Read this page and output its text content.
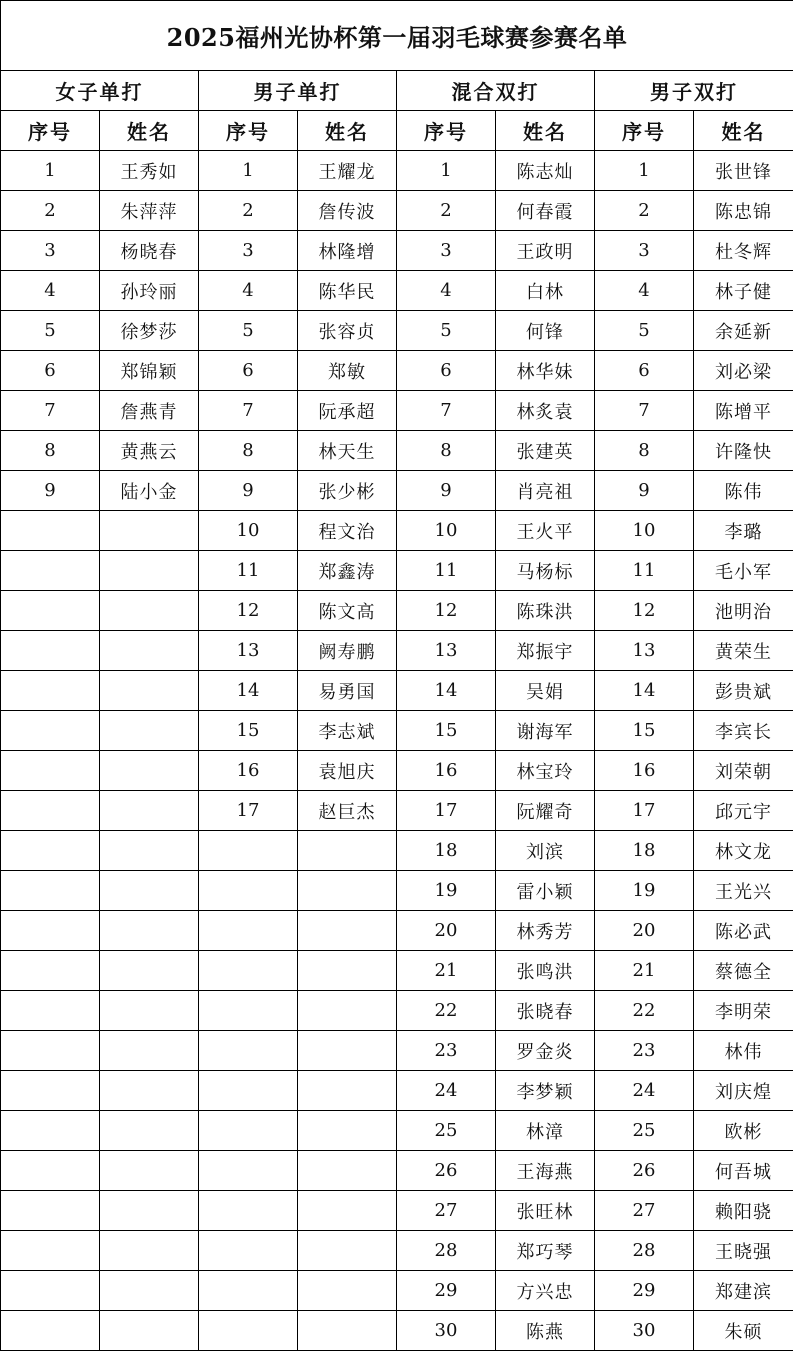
2025福州光协杯第一届羽毛球赛参赛名单							
女子单打		男子单打		混合双打		男子双打	
序号	姓名	序号	姓名	序号	姓名	序号	姓名
1	王秀如	1	王耀龙	1	陈志灿	1	张世锋
2	朱萍萍	2	詹传波	2	何春霞	2	陈忠锦
3	杨晓春	3	林隆增	3	王政明	3	杜冬辉
4	孙玲丽	4	陈华民	4	白林	4	林子健
5	徐梦莎	5	张容贞	5	何锋	5	余延新
6	郑锦颖	6	郑敏	6	林华妹	6	刘必梁
7	詹燕青	7	阮承超	7	林炙袁	7	陈增平
8	黄燕云	8	林天生	8	张建英	8	许隆快
9	陆小金	9	张少彬	9	肖亮祖	9	陈伟
		10	程文治	10	王火平	10	李璐
		11	郑鑫涛	11	马杨标	11	毛小军
		12	陈文高	12	陈珠洪	12	池明治
		13	阙寿鹏	13	郑振宇	13	黄荣生
		14	易勇国	14	吴娟	14	彭贵斌
		15	李志斌	15	谢海军	15	李宾长
		16	袁旭庆	16	林宝玲	16	刘荣朝
		17	赵巨杰	17	阮耀奇	17	邱元宇
				18	刘滨	18	林文龙
				19	雷小颖	19	王光兴
				20	林秀芳	20	陈必武
				21	张鸣洪	21	蔡德全
				22	张晓春	22	李明荣
				23	罗金炎	23	林伟
				24	李梦颖	24	刘庆煌
				25	林漳	25	欧彬
				26	王海燕	26	何吾城
				27	张旺林	27	赖阳骁
				28	郑巧琴	28	王晓强
				29	方兴忠	29	郑建滨
				30	陈燕	30	朱硕
